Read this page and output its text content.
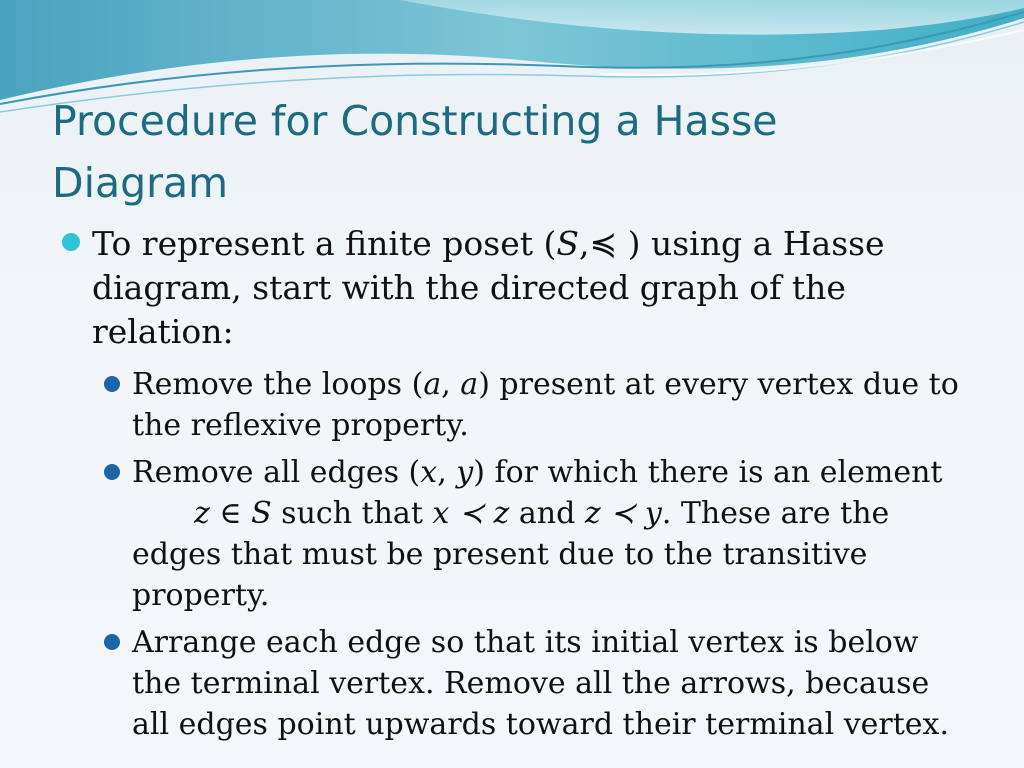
Procedure for Constructing a Hasse Diagram
To represent a finite poset (S,≼ ) using a Hasse diagram, start with the directed graph of the relation:
Remove the loops (a, a) present at every vertex due to the reflexive property.
Remove all edges (x, y) for which there is an elementz ∈ S such that x ≺ z and z ≺ y. These are the edges that must be present due to the transitive property.
Arrange each edge so that its initial vertex is below the terminal vertex. Remove all the arrows, because all edges point upwards toward their terminal vertex.
